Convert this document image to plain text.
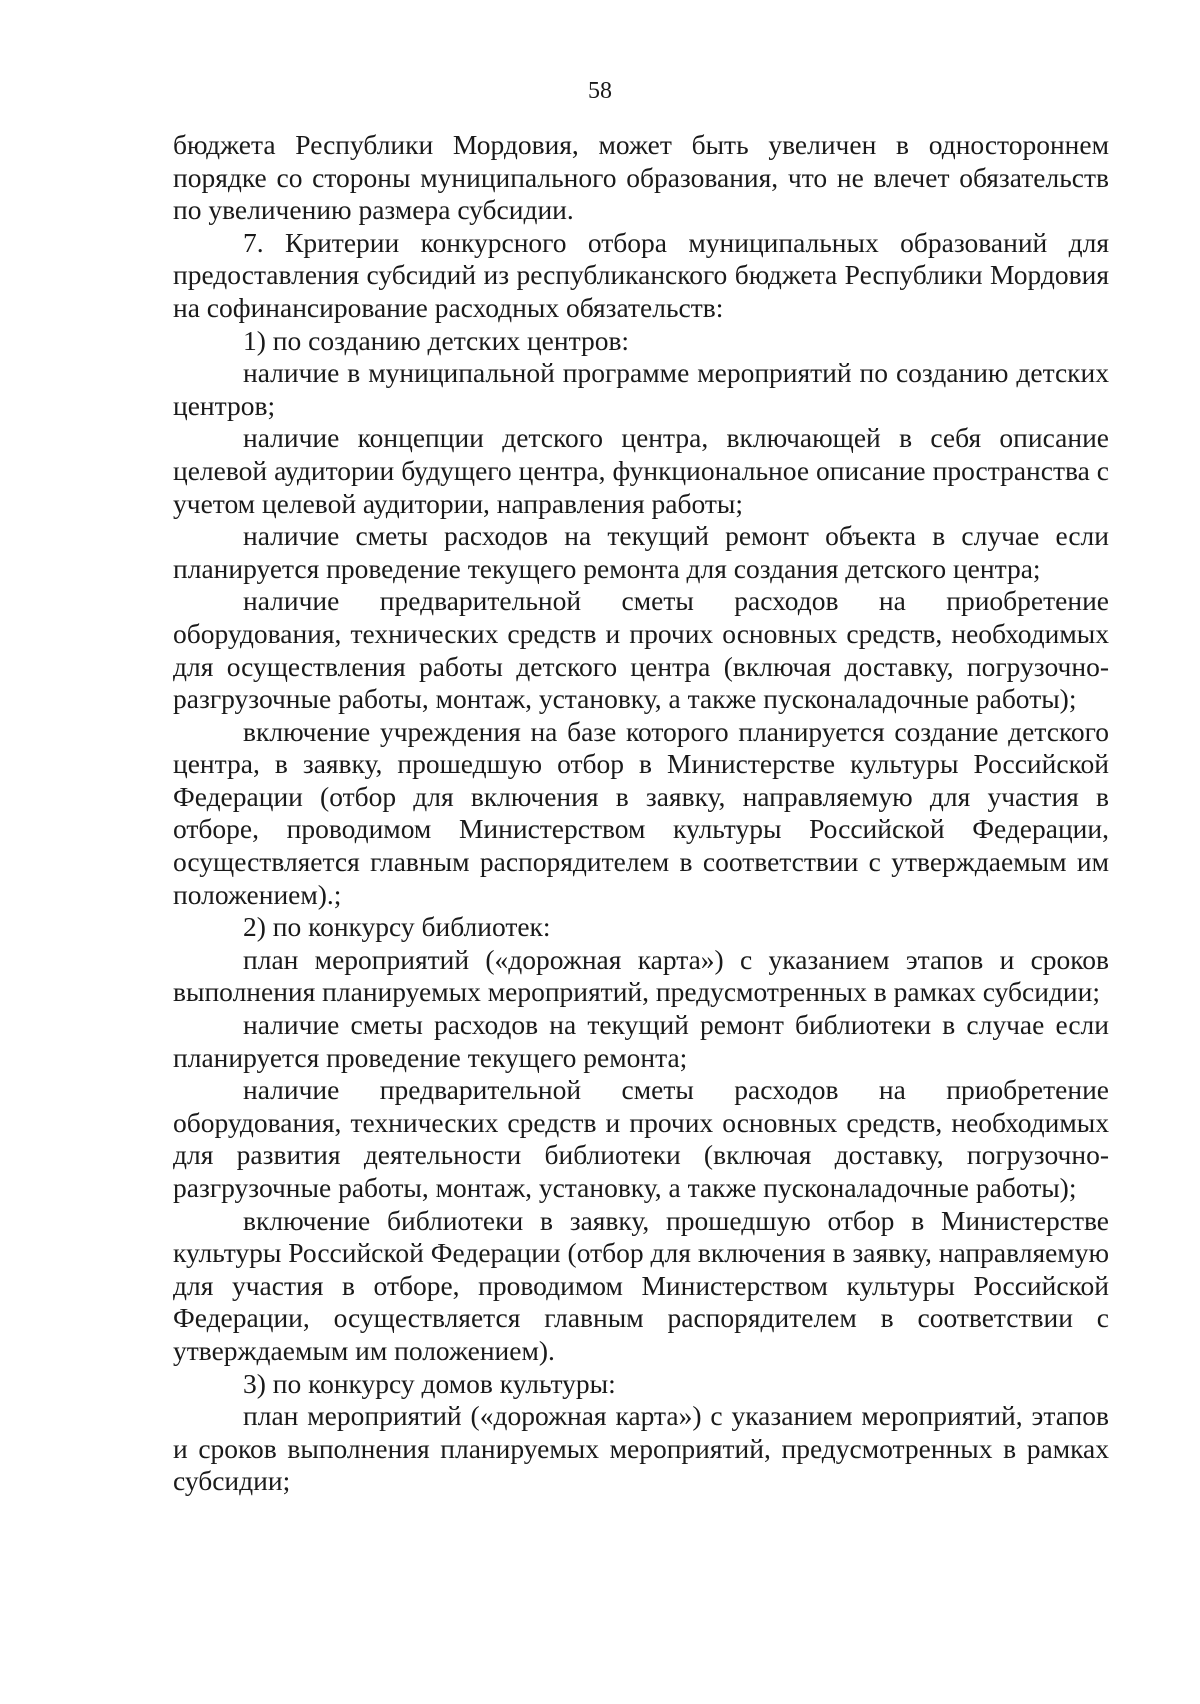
58

бюджета Республики Мордовия, может быть увеличен в одностороннем порядке со стороны муниципального образования, что не влечет обязательств по увеличению размера субсидии.

7. Критерии конкурсного отбора муниципальных образований для предоставления субсидий из республиканского бюджета Республики Мордовия на софинансирование расходных обязательств:

1) по созданию детских центров:

наличие в муниципальной программе мероприятий по созданию детских центров;

наличие концепции детского центра, включающей в себя описание целевой аудитории будущего центра, функциональное описание пространства с учетом целевой аудитории, направления работы;

наличие сметы расходов на текущий ремонт объекта в случае если планируется проведение текущего ремонта для создания детского центра;

наличие предварительной сметы расходов на приобретение оборудования, технических средств и прочих основных средств, необходимых для осуществления работы детского центра (включая доставку, погрузочно-разгрузочные работы, монтаж, установку, а также пусконаладочные работы);

включение учреждения на базе которого планируется создание детского центра, в заявку, прошедшую отбор в Министерстве культуры Российской Федерации (отбор для включения в заявку, направляемую для участия в отборе, проводимом Министерством культуры Российской Федерации, осуществляется главным распорядителем в соответствии с утверждаемым им положением).;

2) по конкурсу библиотек:

план мероприятий («дорожная карта») с указанием этапов и сроков выполнения планируемых мероприятий, предусмотренных в рамках субсидии;

наличие сметы расходов на текущий ремонт библиотеки в случае если планируется проведение текущего ремонта;

наличие предварительной сметы расходов на приобретение оборудования, технических средств и прочих основных средств, необходимых для развития деятельности библиотеки (включая доставку, погрузочно-разгрузочные работы, монтаж, установку, а также пусконаладочные работы);

включение библиотеки в заявку, прошедшую отбор в Министерстве культуры Российской Федерации (отбор для включения в заявку, направляемую для участия в отборе, проводимом Министерством культуры Российской Федерации, осуществляется главным распорядителем в соответствии с утверждаемым им положением).

3) по конкурсу домов культуры:

план мероприятий («дорожная карта») с указанием мероприятий, этапов и сроков выполнения планируемых мероприятий, предусмотренных в рамках субсидии;
